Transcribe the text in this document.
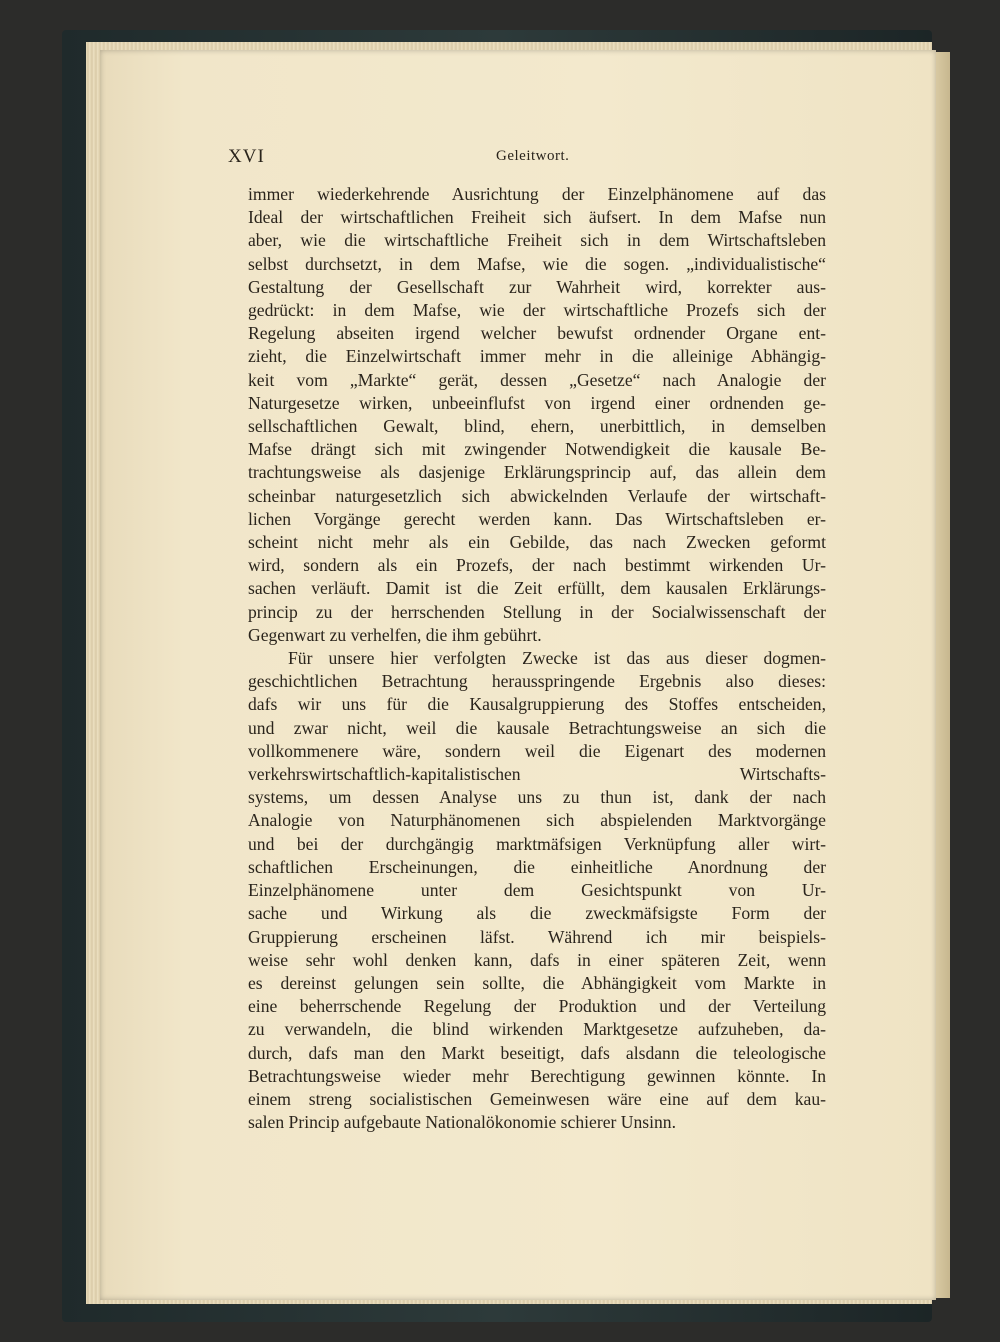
XVI	Geleitwort.
immer wiederkehrende Ausrichtung der Einzelphänomene auf das
Ideal der wirtschaftlichen Freiheit sich äufsert. In dem Mafse nun
aber, wie die wirtschaftliche Freiheit sich in dem Wirtschaftsleben
selbst durchsetzt, in dem Mafse, wie die sogen. „individualistische“
Gestaltung der Gesellschaft zur Wahrheit wird, korrekter aus-
gedrückt: in dem Mafse, wie der wirtschaftliche Prozefs sich der
Regelung abseiten irgend welcher bewufst ordnender Organe ent-
zieht, die Einzelwirtschaft immer mehr in die alleinige Abhängig-
keit vom „Markte“ gerät, dessen „Gesetze“ nach Analogie der
Naturgesetze wirken, unbeeinflufst von irgend einer ordnenden ge-
sellschaftlichen Gewalt, blind, ehern, unerbittlich, in demselben
Mafse drängt sich mit zwingender Notwendigkeit die kausale Be-
trachtungsweise als dasjenige Erklärungsprincip auf, das allein dem
scheinbar naturgesetzlich sich abwickelnden Verlaufe der wirtschaft-
lichen Vorgänge gerecht werden kann. Das Wirtschaftsleben er-
scheint nicht mehr als ein Gebilde, das nach Zwecken geformt
wird, sondern als ein Prozefs, der nach bestimmt wirkenden Ur-
sachen verläuft. Damit ist die Zeit erfüllt, dem kausalen Erklärungs-
princip zu der herrschenden Stellung in der Socialwissenschaft der
Gegenwart zu verhelfen, die ihm gebührt.
Für unsere hier verfolgten Zwecke ist das aus dieser dogmen-
geschichtlichen Betrachtung herausspringende Ergebnis also dieses:
dafs wir uns für die Kausalgruppierung des Stoffes entscheiden,
und zwar nicht, weil die kausale Betrachtungsweise an sich die
vollkommenere wäre, sondern weil die Eigenart des modernen
verkehrswirtschaftlich-kapitalistischen Wirtschafts-
systems, um dessen Analyse uns zu thun ist, dank der nach
Analogie von Naturphänomenen sich abspielenden Marktvorgänge
und bei der durchgängig marktmäfsigen Verknüpfung aller wirt-
schaftlichen Erscheinungen, die einheitliche Anordnung der
Einzelphänomene unter dem Gesichtspunkt von Ur-
sache und Wirkung als die zweckmäfsigste Form der
Gruppierung erscheinen läfst. Während ich mir beispiels-
weise sehr wohl denken kann, dafs in einer späteren Zeit, wenn
es dereinst gelungen sein sollte, die Abhängigkeit vom Markte in
eine beherrschende Regelung der Produktion und der Verteilung
zu verwandeln, die blind wirkenden Marktgesetze aufzuheben, da-
durch, dafs man den Markt beseitigt, dafs alsdann die teleologische
Betrachtungsweise wieder mehr Berechtigung gewinnen könnte. In
einem streng socialistischen Gemeinwesen wäre eine auf dem kau-
salen Princip aufgebaute Nationalökonomie schierer Unsinn.
